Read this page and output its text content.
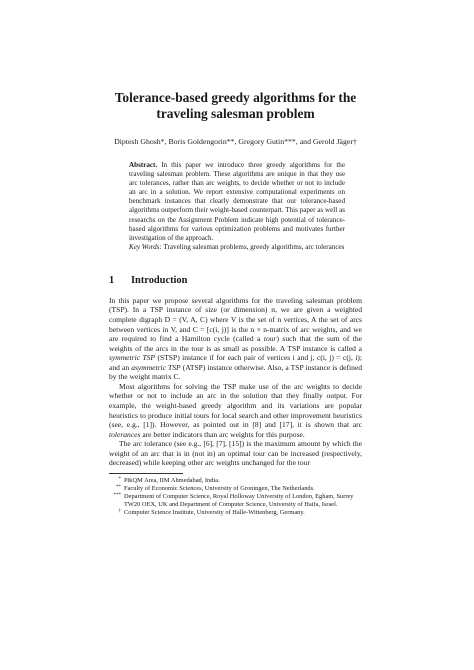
Tolerance-based greedy algorithms for the
traveling salesman problem
Diptesh Ghosh*, Boris Goldengorin**, Gregory Gutin***, and Gerold Jäger†
Abstract. In this paper we introduce three greedy algorithms for the traveling salesman problem. These algorithms are unique in that they use arc tolerances, rather than arc weights, to decide whether or not to include an arc in a solution. We report extensive computational experiments on benchmark instances that clearly demonstrate that our tolerance-based algorithms outperform their weight-based counterpart. This paper as well as researchs on the Assignment Problem indicate high potential of tolerance-based algorithms for various optimization problems and motivates further investigation of the approach.
Key Words: Traveling salesman problems, greedy algorithms, arc tolerances
1 Introduction

In this paper we propose several algorithms for the traveling salesman problem (TSP). In a TSP instance of size (or dimension) n, we are given a weighted complete digraph D = (V, A, C) where V is the set of n vertices, A the set of arcs between vertices in V, and C = [c(i, j)] is the n × n-matrix of arc weights, and we are required to find a Hamilton cycle (called a tour) such that the sum of the weights of the arcs in the tour is as small as possible. A TSP instance is called a symmetric TSP (STSP) instance if for each pair of vertices i and j, c(i, j) = c(j, i); and an asymmetric TSP (ATSP) instance otherwise. Also, a TSP instance is defined by the weight matrix C.

Most algorithms for solving the TSP make use of the arc weights to decide whether or not to include an arc in the solution that they finally output. For example, the weight-based greedy algorithm and its variations are popular heuristics to produce initial tours for local search and other improvement heuristics (see, e.g., [1]). However, as pointed out in [8] and [17], it is shown that arc tolerances are better indicators than arc weights for this purpose.

The arc tolerance (see e.g., [6], [7], [15]) is the maximum amount by which the weight of an arc that is in (not in) an optimal tour can be increased (respectively, decreased) while keeping other arc weights unchanged for the tour

* P&QM Area, IIM Ahmedabad, India.
** Faculty of Economic Sciences, University of Groningen, The Netherlands.
*** Department of Computer Science, Royal Holloway University of London, Egham, Surrey TW20 OEX, UK and Department of Computer Science, University of Haifa, Israel.
† Computer Science Institute, University of Halle-Wittenberg, Germany.
